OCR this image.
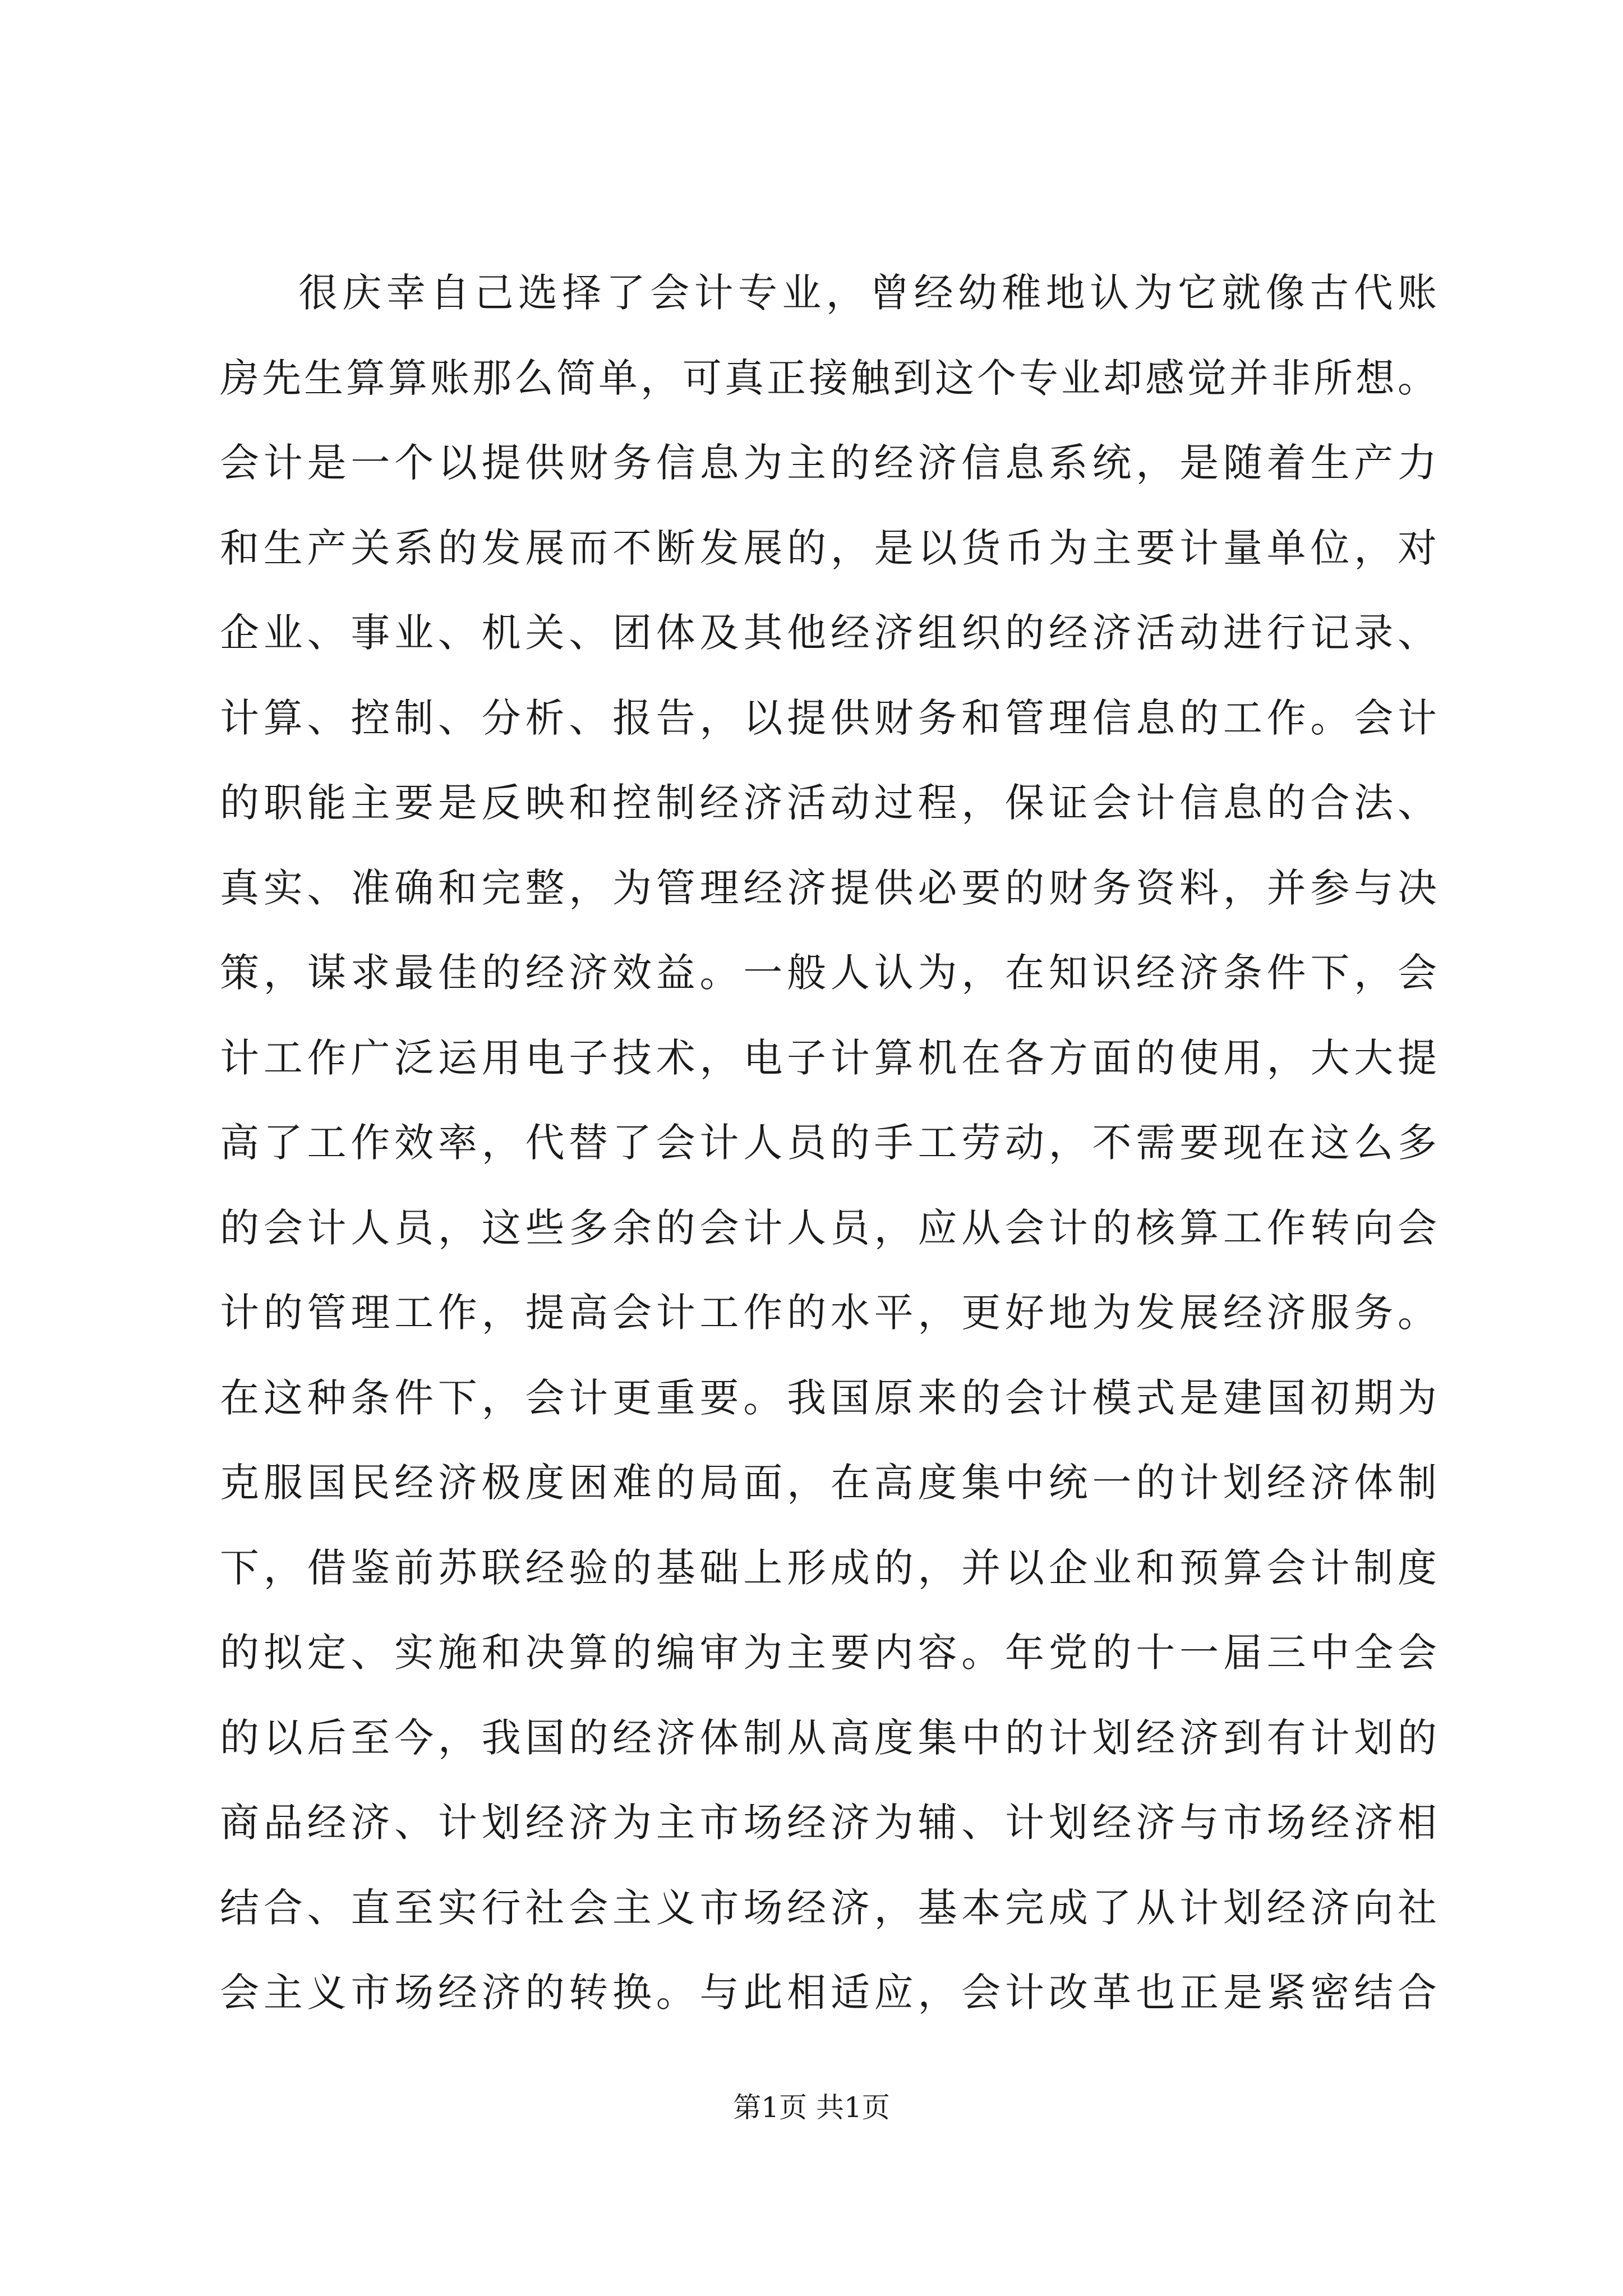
很庆幸自己选择了会计专业，曾经幼稚地认为它就像古代账
房先生算算账那么简单，可真正接触到这个专业却感觉并非所想。
会计是一个以提供财务信息为主的经济信息系统，是随着生产力
和生产关系的发展而不断发展的，是以货币为主要计量单位，对
企业、事业、机关、团体及其他经济组织的经济活动进行记录、
计算、控制、分析、报告，以提供财务和管理信息的工作。会计
的职能主要是反映和控制经济活动过程，保证会计信息的合法、
真实、准确和完整，为管理经济提供必要的财务资料，并参与决
策，谋求最佳的经济效益。一般人认为，在知识经济条件下，会
计工作广泛运用电子技术，电子计算机在各方面的使用，大大提
高了工作效率，代替了会计人员的手工劳动，不需要现在这么多
的会计人员，这些多余的会计人员，应从会计的核算工作转向会
计的管理工作，提高会计工作的水平，更好地为发展经济服务。
在这种条件下，会计更重要。我国原来的会计模式是建国初期为
克服国民经济极度困难的局面，在高度集中统一的计划经济体制
下，借鉴前苏联经验的基础上形成的，并以企业和预算会计制度
的拟定、实施和决算的编审为主要内容。年党的十一届三中全会
的以后至今，我国的经济体制从高度集中的计划经济到有计划的
商品经济、计划经济为主市场经济为辅、计划经济与市场经济相
结合、直至实行社会主义市场经济，基本完成了从计划经济向社
会主义市场经济的转换。与此相适应，会计改革也正是紧密结合
第1页 共1页
